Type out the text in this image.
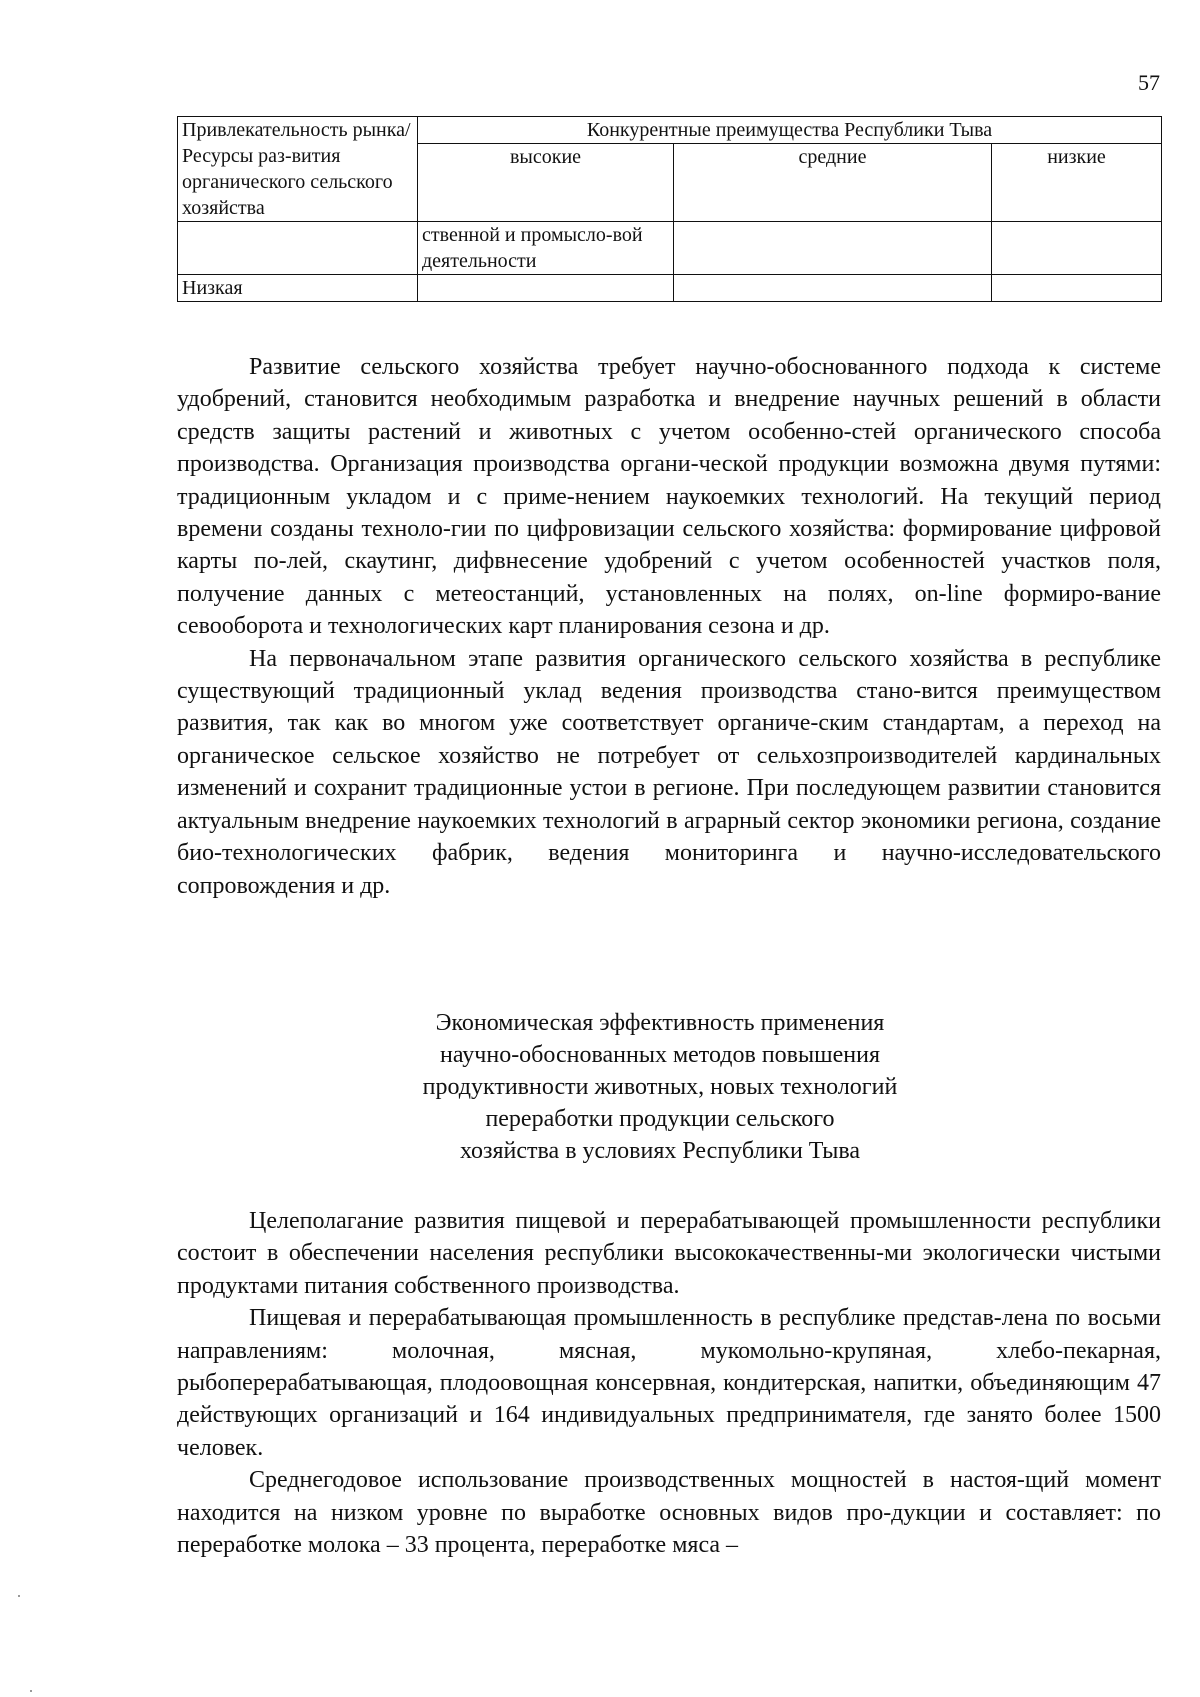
57
Привлекательность рынка/ Ресурсы раз-вития органического сельского хозяйства	Конкурентные преимущества Республики Тыва		
	высокие	средние	низкие
	ственной и промысло-вой деятельности		
Низкая			

Развитие сельского хозяйства требует научно-обоснованного подхода к системе удобрений, становится необходимым разработка и внедрение научных решений в области средств защиты растений и животных с учетом особенно-стей органического способа производства. Организация производства органи-ческой продукции возможна двумя путями: традиционным укладом и с приме-нением наукоемких технологий. На текущий период времени созданы техноло-гии по цифровизации сельского хозяйства: формирование цифровой карты по-лей, скаутинг, дифвнесение удобрений с учетом особенностей участков поля, получение данных с метеостанций, установленных на полях, on-line формиро-вание севооборота и технологических карт планирования сезона и др.

На первоначальном этапе развития органического сельского хозяйства в республике существующий традиционный уклад ведения производства стано-вится преимуществом развития, так как во многом уже соответствует органиче-ским стандартам, а переход на органическое сельское хозяйство не потребует от сельхозпроизводителей кардинальных изменений и сохранит традиционные устои в регионе. При последующем развитии становится актуальным внедрение наукоемких технологий в аграрный сектор экономики региона, создание био-технологических фабрик, ведения мониторинга и научно-исследовательского сопровождения и др.

Экономическая эффективность применения
научно-обоснованных методов повышения
продуктивности животных, новых технологий
переработки продукции сельского
хозяйства в условиях Республики Тыва

Целеполагание развития пищевой и перерабатывающей промышленности республики состоит в обеспечении населения республики высококачественны-ми экологически чистыми продуктами питания собственного производства.

Пищевая и перерабатывающая промышленность в республике представ-лена по восьми направлениям: молочная, мясная, мукомольно-крупяная, хлебо-пекарная, рыбоперерабатывающая, плодоовощная консервная, кондитерская, напитки, объединяющим 47 действующих организаций и 164 индивидуальных предпринимателя, где занято более 1500 человек.

Среднегодовое использование производственных мощностей в настоя-щий момент находится на низком уровне по выработке основных видов про-дукции и составляет: по переработке молока – 33 процента, переработке мяса –
